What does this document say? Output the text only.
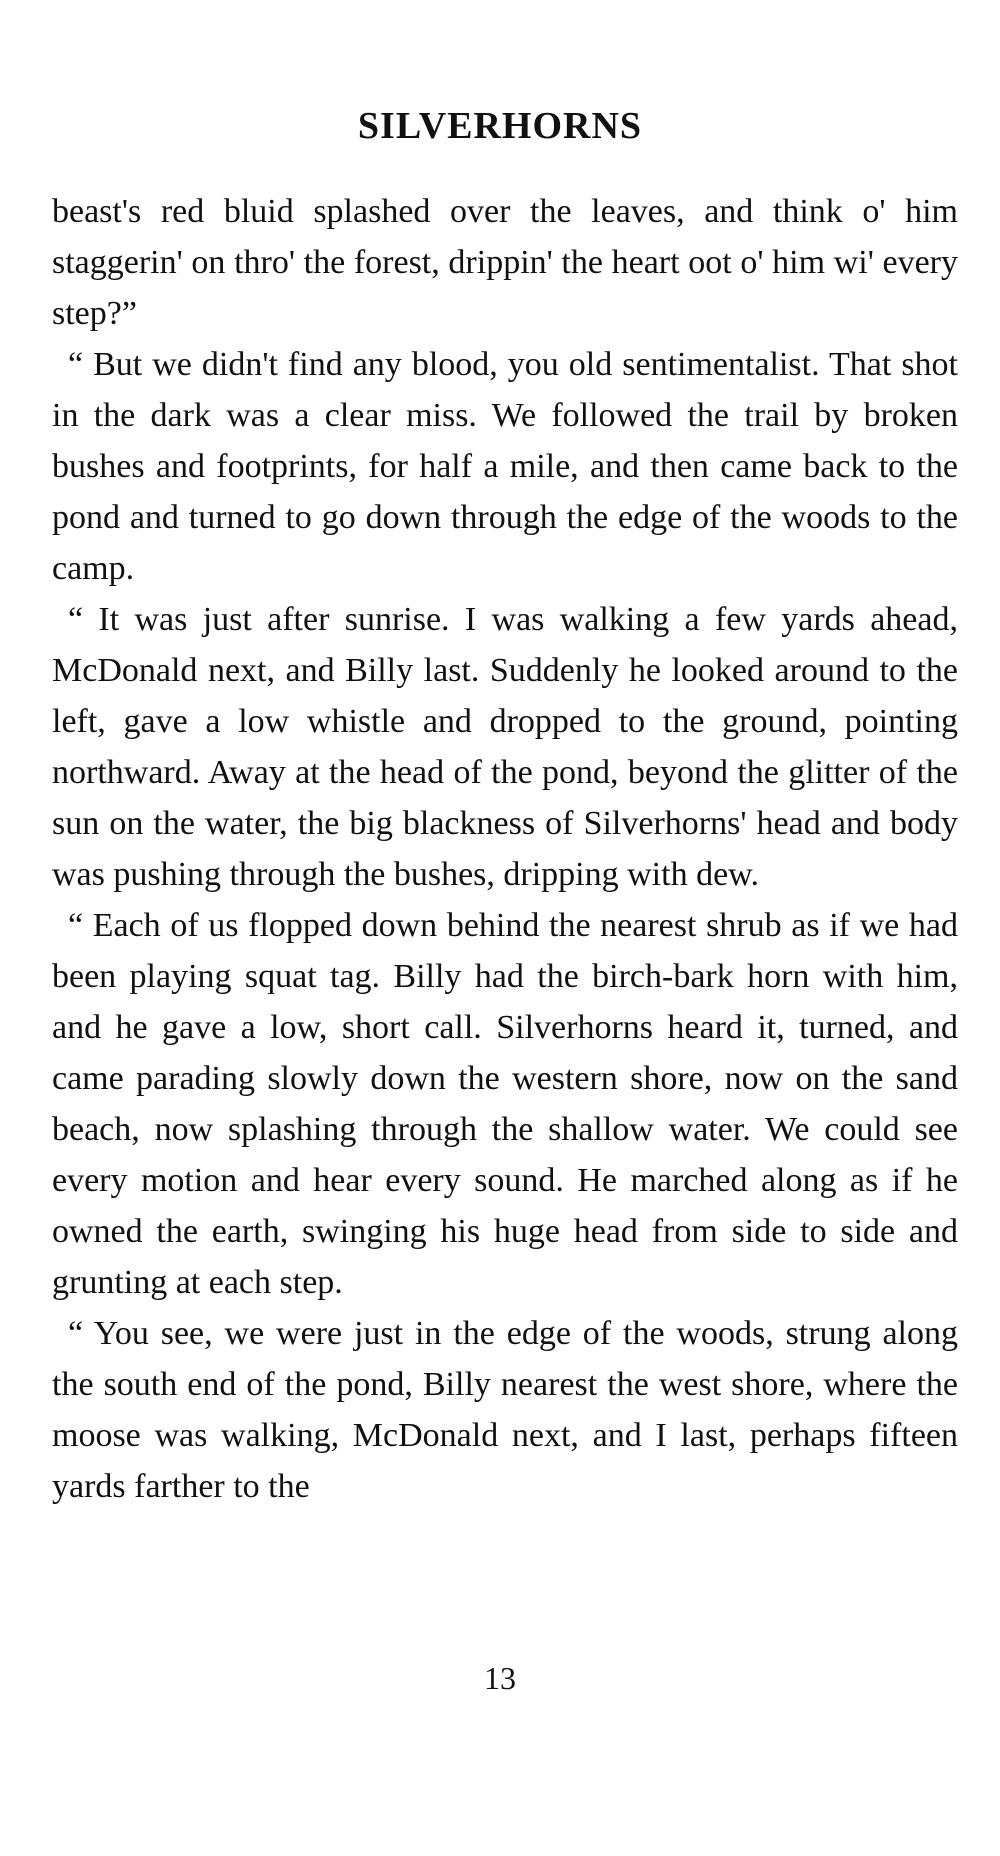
SILVERHORNS

beast's red bluid splashed over the leaves, and think o' him staggerin' on thro' the forest, drippin' the heart oot o' him wi' every step?”

“ But we didn't find any blood, you old sentimentalist. That shot in the dark was a clear miss. We followed the trail by broken bushes and footprints, for half a mile, and then came back to the pond and turned to go down through the edge of the woods to the camp.

“ It was just after sunrise. I was walking a few yards ahead, McDonald next, and Billy last. Suddenly he looked around to the left, gave a low whistle and dropped to the ground, pointing northward. Away at the head of the pond, beyond the glitter of the sun on the water, the big blackness of Silverhorns' head and body was pushing through the bushes, dripping with dew.

“ Each of us flopped down behind the nearest shrub as if we had been playing squat tag. Billy had the birch-bark horn with him, and he gave a low, short call. Silverhorns heard it, turned, and came parading slowly down the western shore, now on the sand beach, now splashing through the shallow water. We could see every motion and hear every sound. He marched along as if he owned the earth, swinging his huge head from side to side and grunting at each step.

“ You see, we were just in the edge of the woods, strung along the south end of the pond, Billy nearest the west shore, where the moose was walking, McDonald next, and I last, perhaps fifteen yards farther to the

13
